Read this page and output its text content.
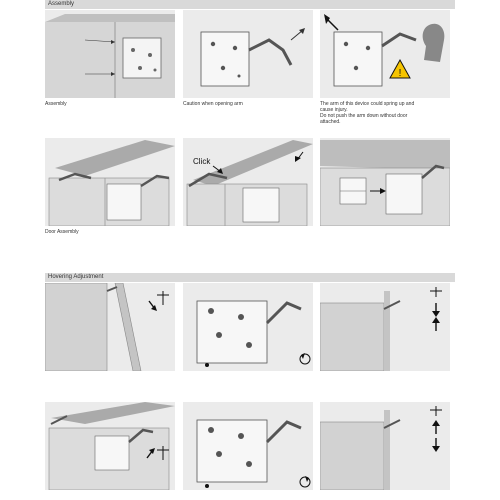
Assembly
!
Assembly	Caution when opening arm	The arm of this device could spring up and
cause injury.
Do not push the arm down without door
attached.
Click
Door Assembly
Hovering Adjustment
